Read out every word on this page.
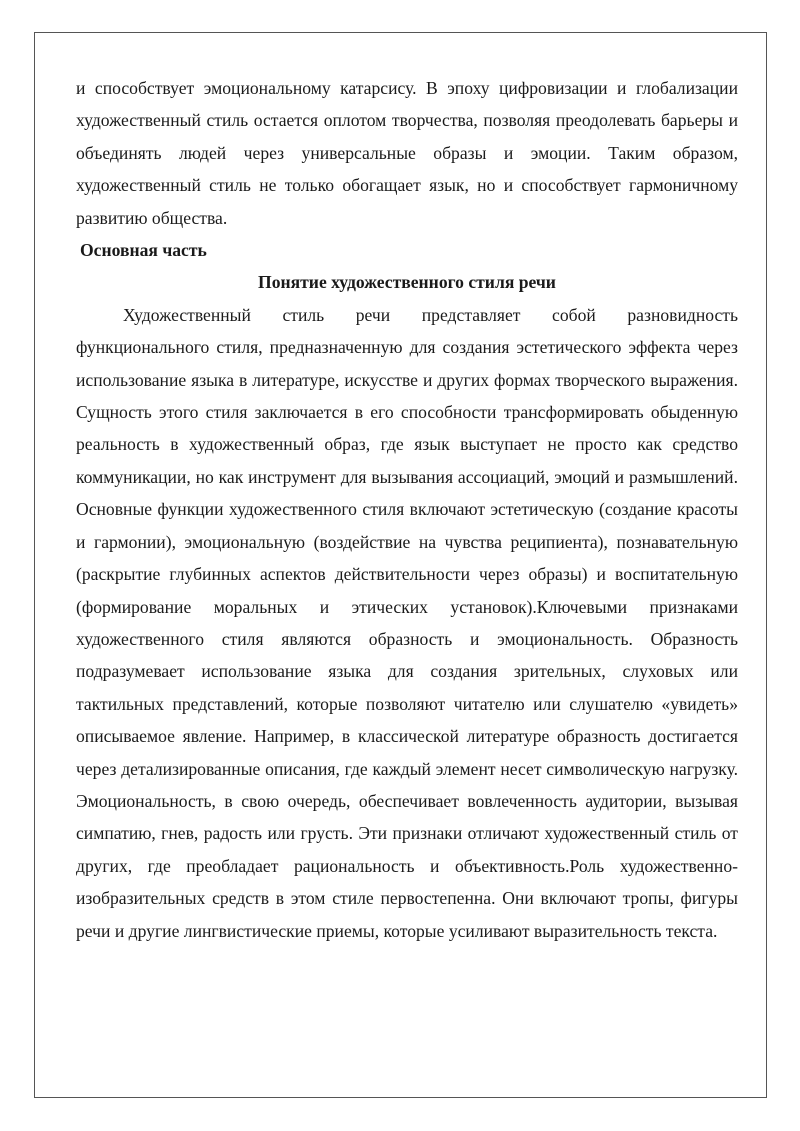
и способствует эмоциональному катарсису. В эпоху цифровизации и глобализации художественный стиль остается оплотом творчества, позволяя преодолевать барьеры и объединять людей через универсальные образы и эмоции. Таким образом, художественный стиль не только обогащает язык, но и способствует гармоничному развитию общества.

Основная часть

Понятие художественного стиля речи

Художественный стиль речи представляет собой разновидность функционального стиля, предназначенную для создания эстетического эффекта через использование языка в литературе, искусстве и других формах творческого выражения. Сущность этого стиля заключается в его способности трансформировать обыденную реальность в художественный образ, где язык выступает не просто как средство коммуникации, но как инструмент для вызывания ассоциаций, эмоций и размышлений. Основные функции художественного стиля включают эстетическую (создание красоты и гармонии), эмоциональную (воздействие на чувства реципиента), познавательную (раскрытие глубинных аспектов действительности через образы) и воспитательную (формирование моральных и этических установок).Ключевыми признаками художественного стиля являются образность и эмоциональность. Образность подразумевает использование языка для создания зрительных, слуховых или тактильных представлений, которые позволяют читателю или слушателю «увидеть» описываемое явление. Например, в классической литературе образность достигается через детализированные описания, где каждый элемент несет символическую нагрузку. Эмоциональность, в свою очередь, обеспечивает вовлеченность аудитории, вызывая симпатию, гнев, радость или грусть. Эти признаки отличают художественный стиль от других, где преобладает рациональность и объективность.Роль художественно-изобразительных средств в этом стиле первостепенна. Они включают тропы, фигуры речи и другие лингвистические приемы, которые усиливают выразительность текста.
